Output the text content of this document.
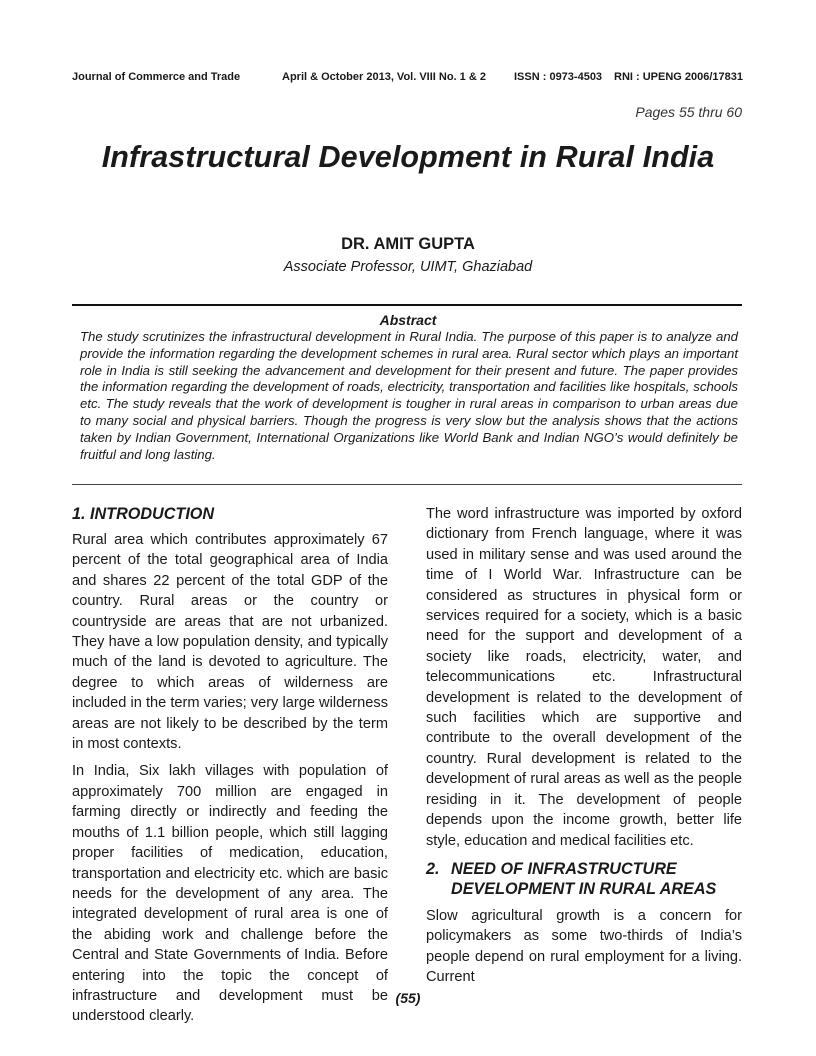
Journal of Commerce and Trade	April & October 2013, Vol. VIII No. 1 & 2	ISSN : 0973-4503 RNI : UPENG 2006/17831
Pages 55 thru 60
Infrastructural Development in Rural India
DR. AMIT GUPTA
Associate Professor, UIMT, Ghaziabad
Abstract

The study scrutinizes the infrastructural development in Rural India. The purpose of this paper is to analyze and provide the information regarding the development schemes in rural area. Rural sector which plays an important role in India is still seeking the advancement and development for their present and future. The paper provides the information regarding the development of roads, electricity, transportation and facilities like hospitals, schools etc. The study reveals that the work of development is tougher in rural areas in comparison to urban areas due to many social and physical barriers. Though the progress is very slow but the analysis shows that the actions taken by Indian Government, International Organizations like World Bank and Indian NGO’s would definitely be fruitful and long lasting.

1. INTRODUCTION

Rural area which contributes approximately 67 percent of the total geographical area of India and shares 22 percent of the total GDP of the country. Rural areas or the country or countryside are areas that are not urbanized. They have a low population density, and typically much of the land is devoted to agriculture. The degree to which areas of wilderness are included in the term varies; very large wilderness areas are not likely to be described by the term in most contexts.

In India, Six lakh villages with population of approximately 700 million are engaged in farming directly or indirectly and feeding the mouths of 1.1 billion people, which still lagging proper facilities of medication, education, transportation and electricity etc. which are basic needs for the development of any area. The integrated development of rural area is one of the abiding work and challenge before the Central and State Governments of India. Before entering into the topic the concept of infrastructure and development must be understood clearly.

The word infrastructure was imported by oxford dictionary from French language, where it was used in military sense and was used around the time of I World War. Infrastructure can be considered as structures in physical form or services required for a society, which is a basic need for the support and development of a society like roads, electricity, water, and telecommunications etc. Infrastructural development is related to the development of such facilities which are supportive and contribute to the overall development of the country. Rural development is related to the development of rural areas as well as the people residing in it. The development of people depends upon the income growth, better life style, education and medical facilities etc.

2. NEED OF INFRASTRUCTURE DEVELOPMENT IN RURAL AREAS

Slow agricultural growth is a concern for policymakers as some two-thirds of India’s people depend on rural employment for a living. Current

(55)
